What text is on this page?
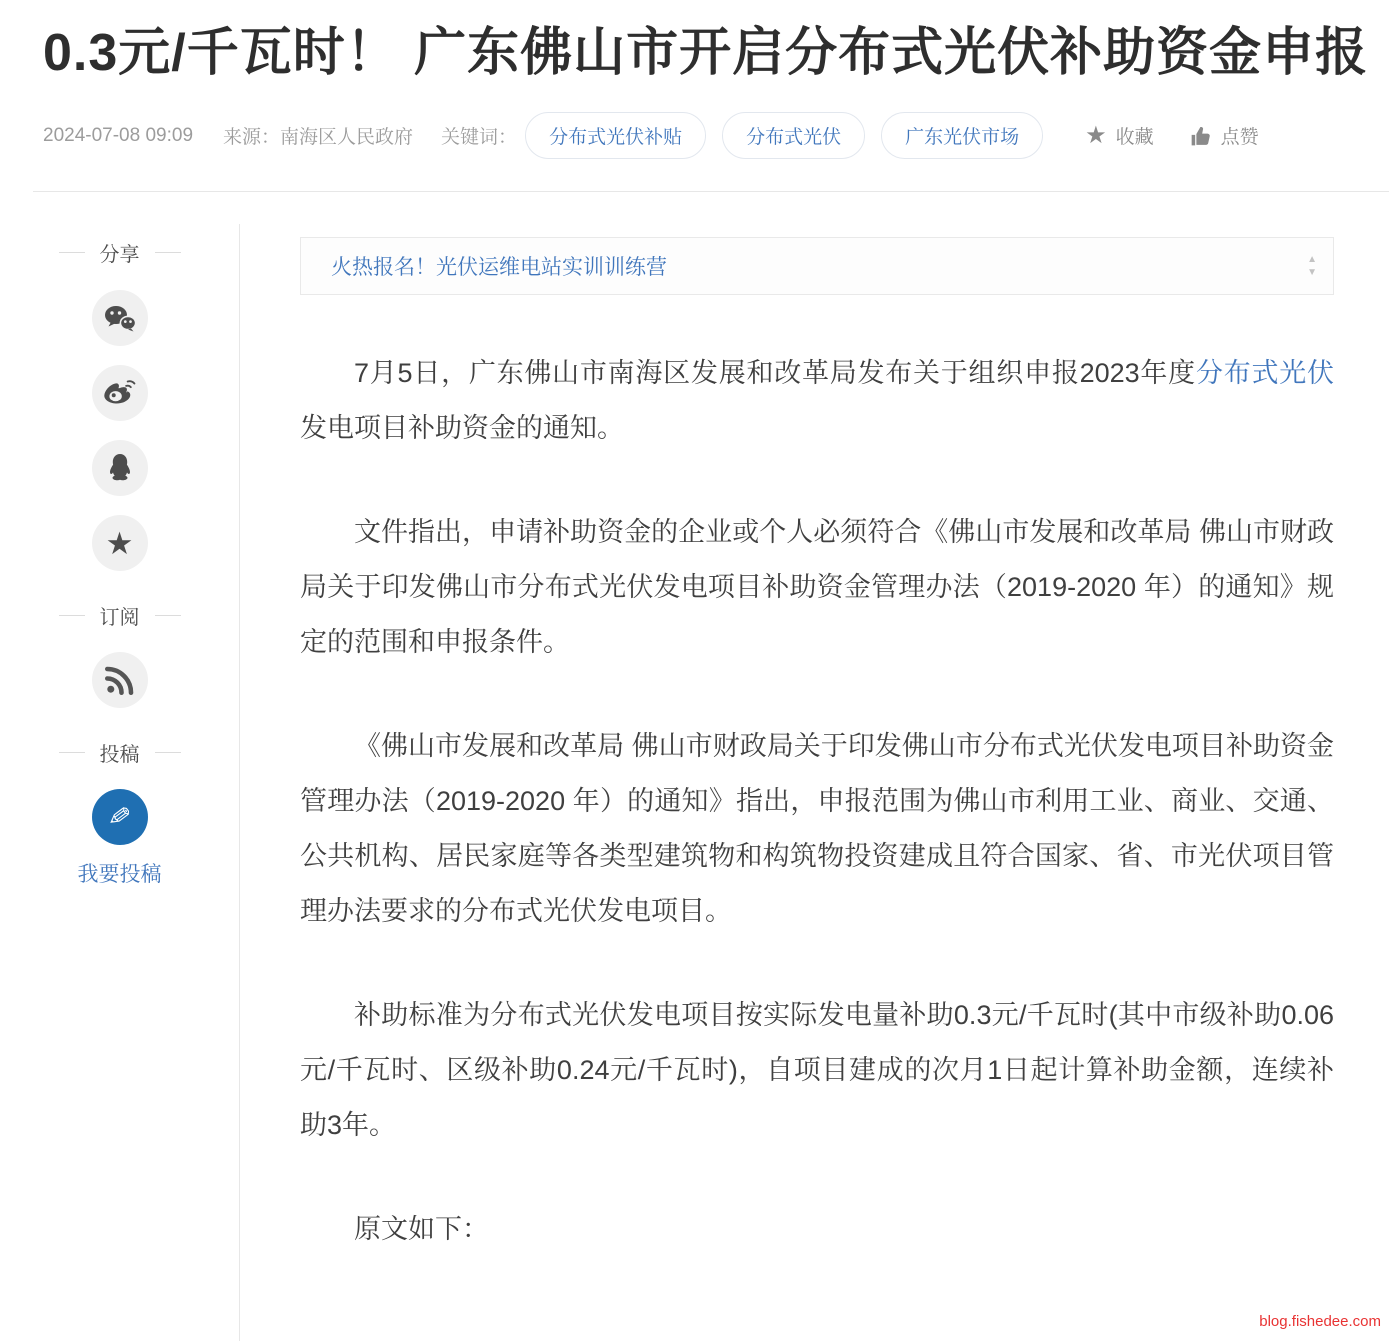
0.3元/千瓦时！ 广东佛山市开启分布式光伏补助资金申报
2024-07-08 09:09 来源：南海区人民政府 关键词：	分布式光伏补贴	分布式光伏	广东光伏市场	★ 收藏	点赞
分享
★
订阅
投稿
✎
我要投稿
火热报名！光伏运维电站实训训练营	▲
▼

7月5日，广东佛山市南海区发展和改革局发布关于组织申报2023年度分布式光伏发电项目补助资金的通知。

文件指出，申请补助资金的企业或个人必须符合《佛山市发展和改革局 佛山市财政局关于印发佛山市分布式光伏发电项目补助资金管理办法（2019-2020 年）的通知》规定的范围和申报条件。

《佛山市发展和改革局 佛山市财政局关于印发佛山市分布式光伏发电项目补助资金管理办法（2019-2020 年）的通知》指出，申报范围为佛山市利用工业、商业、交通、公共机构、居民家庭等各类型建筑物和构筑物投资建成且符合国家、省、市光伏项目管理办法要求的分布式光伏发电项目。

补助标准为分布式光伏发电项目按实际发电量补助0.3元/千瓦时(其中市级补助0.06元/千瓦时、区级补助0.24元/千瓦时)，自项目建成的次月1日起计算补助金额，连续补助3年。

原文如下：

blog.fishedee.com
